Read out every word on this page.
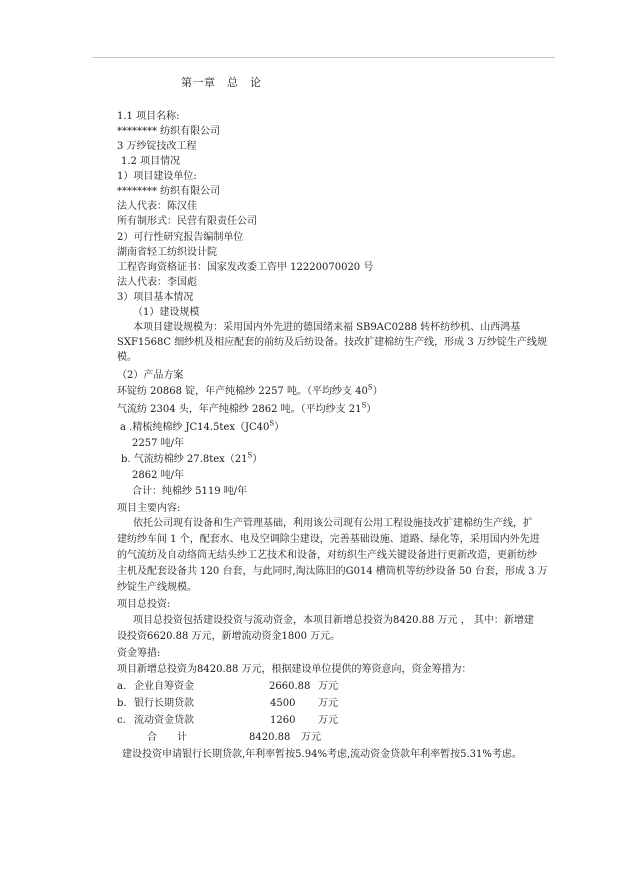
第一章　总　论
1.1 项目名称:
******** 纺织有限公司
3 万纱锭技改工程
1.2 项目情况
1）项目建设单位:
******** 纺织有限公司
法人代表：陈汉佳
所有制形式：民营有限责任公司
2）可行性研究报告编制单位
湖南省轻工纺织设计院
工程咨询资格证书：国家发改委工咨甲 12220070020 号
法人代表：李国彪
3）项目基本情况
（1）建设规模
本项目建设规模为：采用国内外先进的德国绪来福 SB9AC0288 转杯纺纱机、山西鸿基
SXF1568C 细纱机及相应配套的前纺及后纺设备。技改扩建棉纺生产线，形成 3 万纱锭生产线规
模。
（2）产品方案
环锭纺 20868 锭，年产纯棉纱 2257 吨。（平均纱支 $40^S$）
气流纺 2304 头，年产纯棉纱 2862 吨。（平均纱支 $21^S$）
a .精梳纯棉纱 $JC14.5tex(JC40^S)$
2257 吨/年
b. 气流纺棉纱 $27.8tex(21^S)$
2862 吨/年
合计：纯棉纱 5119 吨/年
项目主要内容:
依托公司现有设备和生产管理基础，利用该公司现有公用工程设施技改扩建棉纺生产线，扩
建纺纱车间 1 个，配套水、电及空调除尘建设，完善基础设施、道路、绿化等，采用国内外先进
的气流纺及自动络筒无结头纱工艺技术和设备，对纺织生产线关键设备进行更新改造，更新纺纱
主机及配套设备共 120 台套，与此同时,淘汰陈旧的G014 槽筒机等纺纱设备 50 台套，形成 3 万
纱锭生产线规模。
项目总投资:
项目总投资包括建设投资与流动资金，本项目新增总投资为8420.88 万元 ， 其中：新增建
设投资6620.88 万元，新增流动资金1800 万元。
资金筹措:
项目新增总投资为8420.88 万元，根据建设单位提供的筹资意向，资金筹措为：
a. 企业自筹资金	2660.88 万元
b. 银行长期贷款	4500 万元
c. 流动资金贷款	1260 万元
合　　计	8420.88 万元
建设投资申请银行长期贷款,年利率暂按5.94%考虑,流动资金贷款年利率暂按5.31%考虑。
